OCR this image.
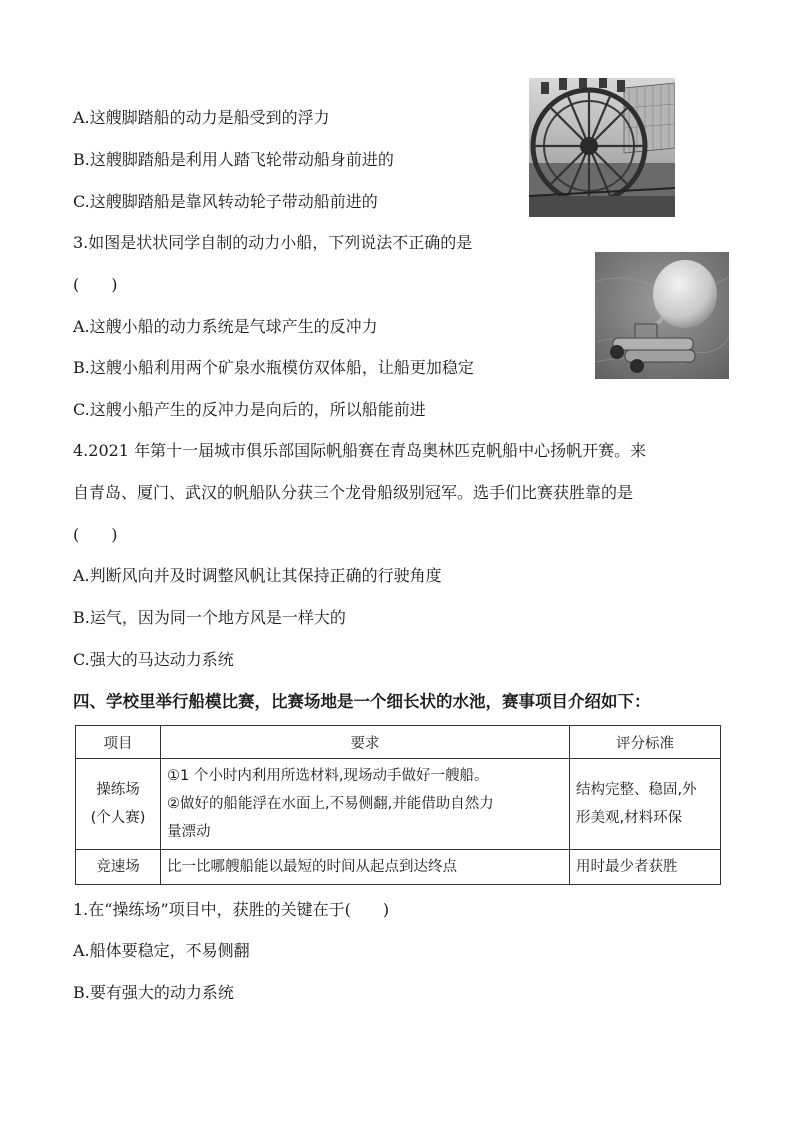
A.这艘脚踏船的动力是船受到的浮力
B.这艘脚踏船是利用人踏飞轮带动船身前进的
C.这艘脚踏船是靠风转动轮子带动船前进的
3.如图是状状同学自制的动力小船，下列说法不正确的是
(　　)
A.这艘小船的动力系统是气球产生的反冲力
B.这艘小船利用两个矿泉水瓶模仿双体船，让船更加稳定
C.这艘小船产生的反冲力是向后的，所以船能前进
4.2021 年第十一届城市俱乐部国际帆船赛在青岛奥林匹克帆船中心扬帆开赛。来
自青岛、厦门、武汉的帆船队分获三个龙骨船级别冠军。选手们比赛获胜靠的是
(　　)
A.判断风向并及时调整风帆让其保持正确的行驶角度
B.运气，因为同一个地方风是一样大的
C.强大的马达动力系统
四、学校里举行船模比赛，比赛场地是一个细长状的水池，赛事项目介绍如下：
项目	要求	评分标准

操练场
(个人赛)	①1 个小时内利用所选材料,现场动手做好一艘船。
②做好的船能浮在水面上,不易侧翻,并能借助自然力
量漂动	结构完整、稳固,外
形美观,材料环保

竞速场	比一比哪艘船能以最短的时间从起点到达终点	用时最少者获胜
1.在“操练场”项目中，获胜的关键在于(　　)
A.船体要稳定，不易侧翻
B.要有强大的动力系统
